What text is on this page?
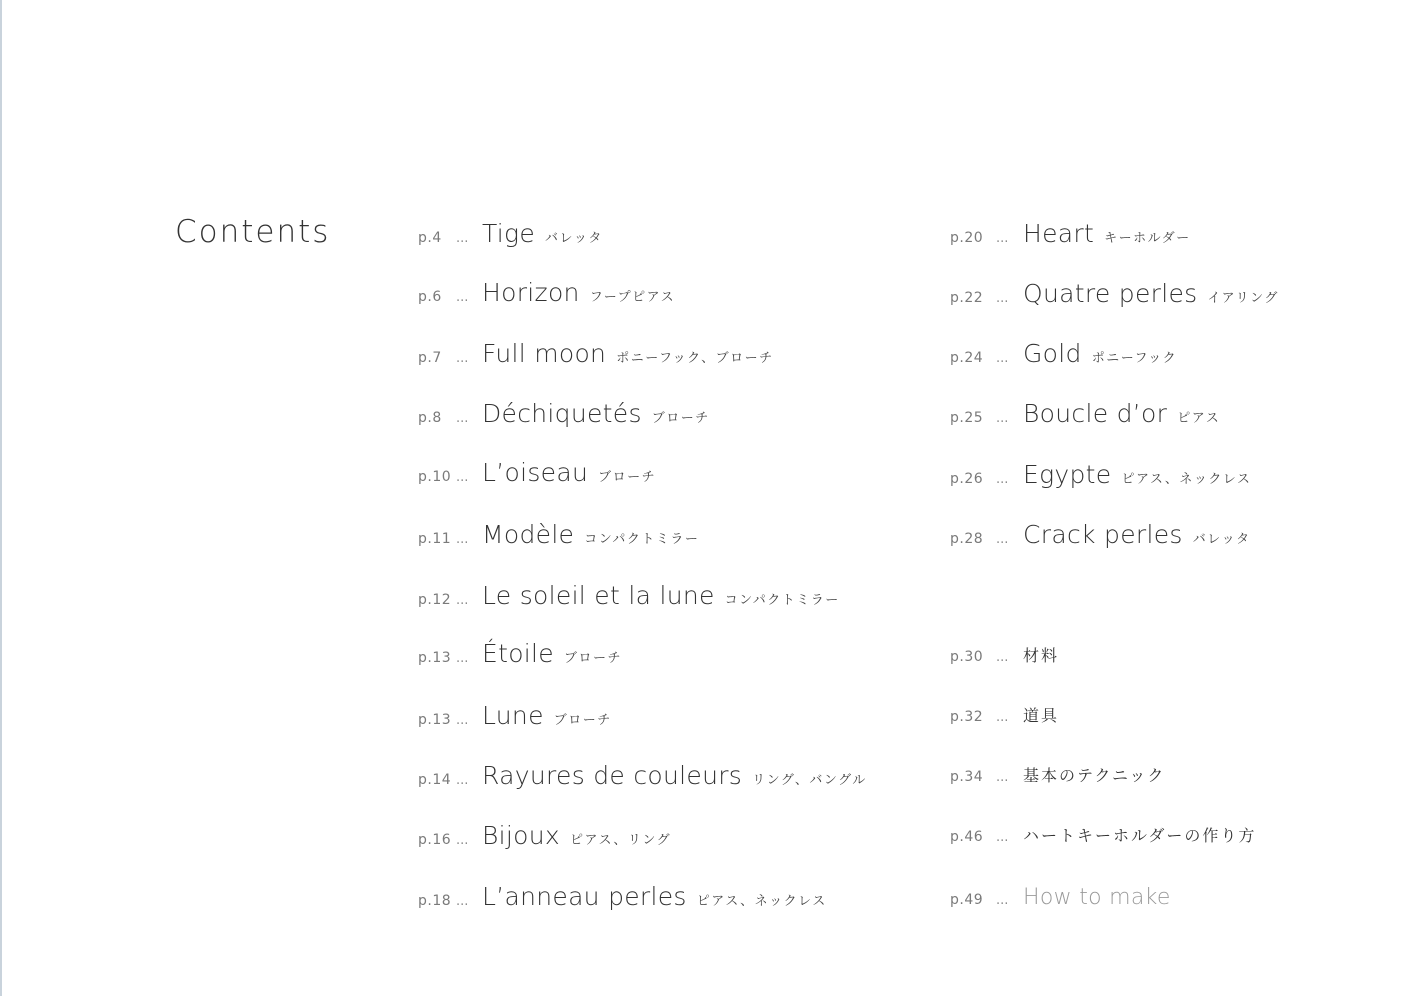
Contents	p.4	... Tige バレッタ
p.6	... Horizon フープピアス
p.7	... Full moon ポニーフック、ブローチ
p.8	... Déchiquetés ブローチ
p.10 ... L’oiseau ブローチ
p.11 ... Modèle コンパクトミラー
p.12 ... Le soleil et la lune コンパクトミラー
p.13 ... Étoile ブローチ
p.13 ... Lune ブローチ
p.14 ... Rayures de couleurs リング、バングル
p.16 ... Bijoux ピアス、リング
p.18 ... L’anneau perles ピアス、ネックレス
p.20 ... Heart キーホルダー
p.22 ... Quatre perles イアリング
p.24 ... Gold ポニーフック
p.25 ... Boucle d’or ピアス
p.26 ... Egypte ピアス、ネックレス
p.28 ... Crack perles バレッタ
p.30 ... 材料
p.32 ... 道具
p.34 ... 基本のテクニック
p.46 ... ハートキーホルダーの作り方
p.49 ... How to make
